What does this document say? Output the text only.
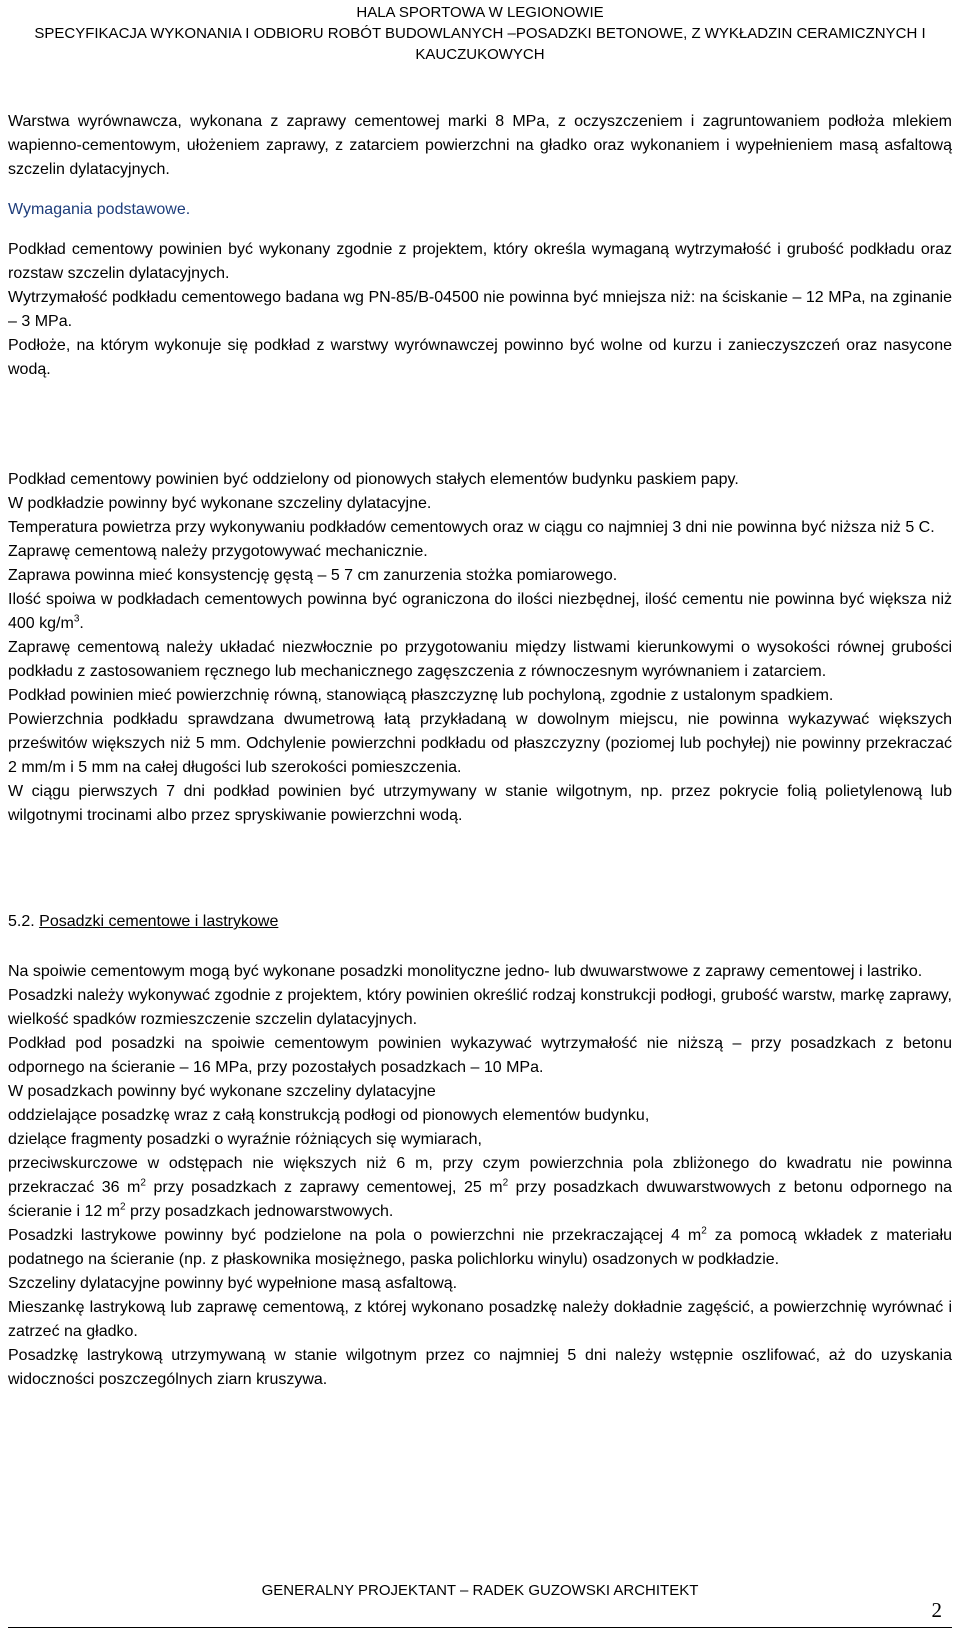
HALA SPORTOWA W LEGIONOWIE
SPECYFIKACJA WYKONANIA I ODBIORU ROBÓT BUDOWLANYCH –POSADZKI BETONOWE, Z WYKŁADZIN CERAMICZNYCH I
KAUCZUKOWYCH

Warstwa wyrównawcza, wykonana z zaprawy cementowej marki 8 MPa, z oczyszczeniem i zagruntowaniem podłoża mlekiem wapienno-cementowym, ułożeniem zaprawy, z zatarciem powierzchni na gładko oraz wykonaniem i wypełnieniem masą asfaltową szczelin dylatacyjnych.

Wymagania podstawowe.

Podkład cementowy powinien być wykonany zgodnie z projektem, który określa wymaganą wytrzymałość i grubość podkładu oraz rozstaw szczelin dylatacyjnych.

Wytrzymałość podkładu cementowego badana wg PN-85/B-04500 nie powinna być mniejsza niż: na ściskanie – 12 MPa, na zginanie – 3 MPa.

Podłoże, na którym wykonuje się podkład z warstwy wyrównawczej powinno być wolne od kurzu i zanieczyszczeń oraz nasycone wodą.

Podkład cementowy powinien być oddzielony od pionowych stałych elementów budynku paskiem papy.

W podkładzie powinny być wykonane szczeliny dylatacyjne.

Temperatura powietrza przy wykonywaniu podkładów cementowych oraz w ciągu co najmniej 3 dni nie powinna być niższa niż 5 C.

Zaprawę cementową należy przygotowywać mechanicznie.

Zaprawa powinna mieć konsystencję gęstą – 5 7 cm zanurzenia stożka pomiarowego.

Ilość spoiwa w podkładach cementowych powinna być ograniczona do ilości niezbędnej, ilość cementu nie powinna być większa niż 400 $kg/m^3$.

Zaprawę cementową należy układać niezwłocznie po przygotowaniu między listwami kierunkowymi o wysokości równej grubości podkładu z zastosowaniem ręcznego lub mechanicznego zagęszczenia z równoczesnym wyrównaniem i zatarciem.

Podkład powinien mieć powierzchnię równą, stanowiącą płaszczyznę lub pochyloną, zgodnie z ustalonym spadkiem.

Powierzchnia podkładu sprawdzana dwumetrową łatą przykładaną w dowolnym miejscu, nie powinna wykazywać większych prześwitów większych niż 5 mm. Odchylenie powierzchni podkładu od płaszczyzny (poziomej lub pochyłej) nie powinny przekraczać 2 mm/m i 5 mm na całej długości lub szerokości pomieszczenia.

W ciągu pierwszych 7 dni podkład powinien być utrzymywany w stanie wilgotnym, np. przez pokrycie folią polietylenową lub wilgotnymi trocinami albo przez spryskiwanie powierzchni wodą.

5.2. Posadzki cementowe i lastrykowe

Na spoiwie cementowym mogą być wykonane posadzki monolityczne jedno- lub dwuwarstwowe z zaprawy cementowej i lastriko.

Posadzki należy wykonywać zgodnie z projektem, który powinien określić rodzaj konstrukcji podłogi, grubość warstw, markę zaprawy, wielkość spadków rozmieszczenie szczelin dylatacyjnych.

Podkład pod posadzki na spoiwie cementowym powinien wykazywać wytrzymałość nie niższą – przy posadzkach z betonu odpornego na ścieranie – 16 MPa, przy pozostałych posadzkach – 10 MPa.

W posadzkach powinny być wykonane szczeliny dylatacyjne

oddzielające posadzkę wraz z całą konstrukcją podłogi od pionowych elementów budynku,

dzielące fragmenty posadzki o wyraźnie różniących się wymiarach,

przeciwskurczowe w odstępach nie większych niż 6 m, przy czym powierzchnia pola zbliżonego do kwadratu nie powinna przekraczać 36 $m^2$ przy posadzkach z zaprawy cementowej, 25 $m^2$ przy posadzkach dwuwarstwowych z betonu odpornego na ścieranie i 12 $m^2$ przy posadzkach jednowarstwowych.

Posadzki lastrykowe powinny być podzielone na pola o powierzchni nie przekraczającej 4 $m^2$ za pomocą wkładek z materiału podatnego na ścieranie (np. z płaskownika mosiężnego, paska polichlorku winylu) osadzonych w podkładzie.

Szczeliny dylatacyjne powinny być wypełnione masą asfaltową.

Mieszankę lastrykową lub zaprawę cementową, z której wykonano posadzkę należy dokładnie zagęścić, a powierzchnię wyrównać i zatrzeć na gładko.

Posadzkę lastrykową utrzymywaną w stanie wilgotnym przez co najmniej 5 dni należy wstępnie oszlifować, aż do uzyskania widoczności poszczególnych ziarn kruszywa.

GENERALNY PROJEKTANT – RADEK GUZOWSKI ARCHITEKT
2
